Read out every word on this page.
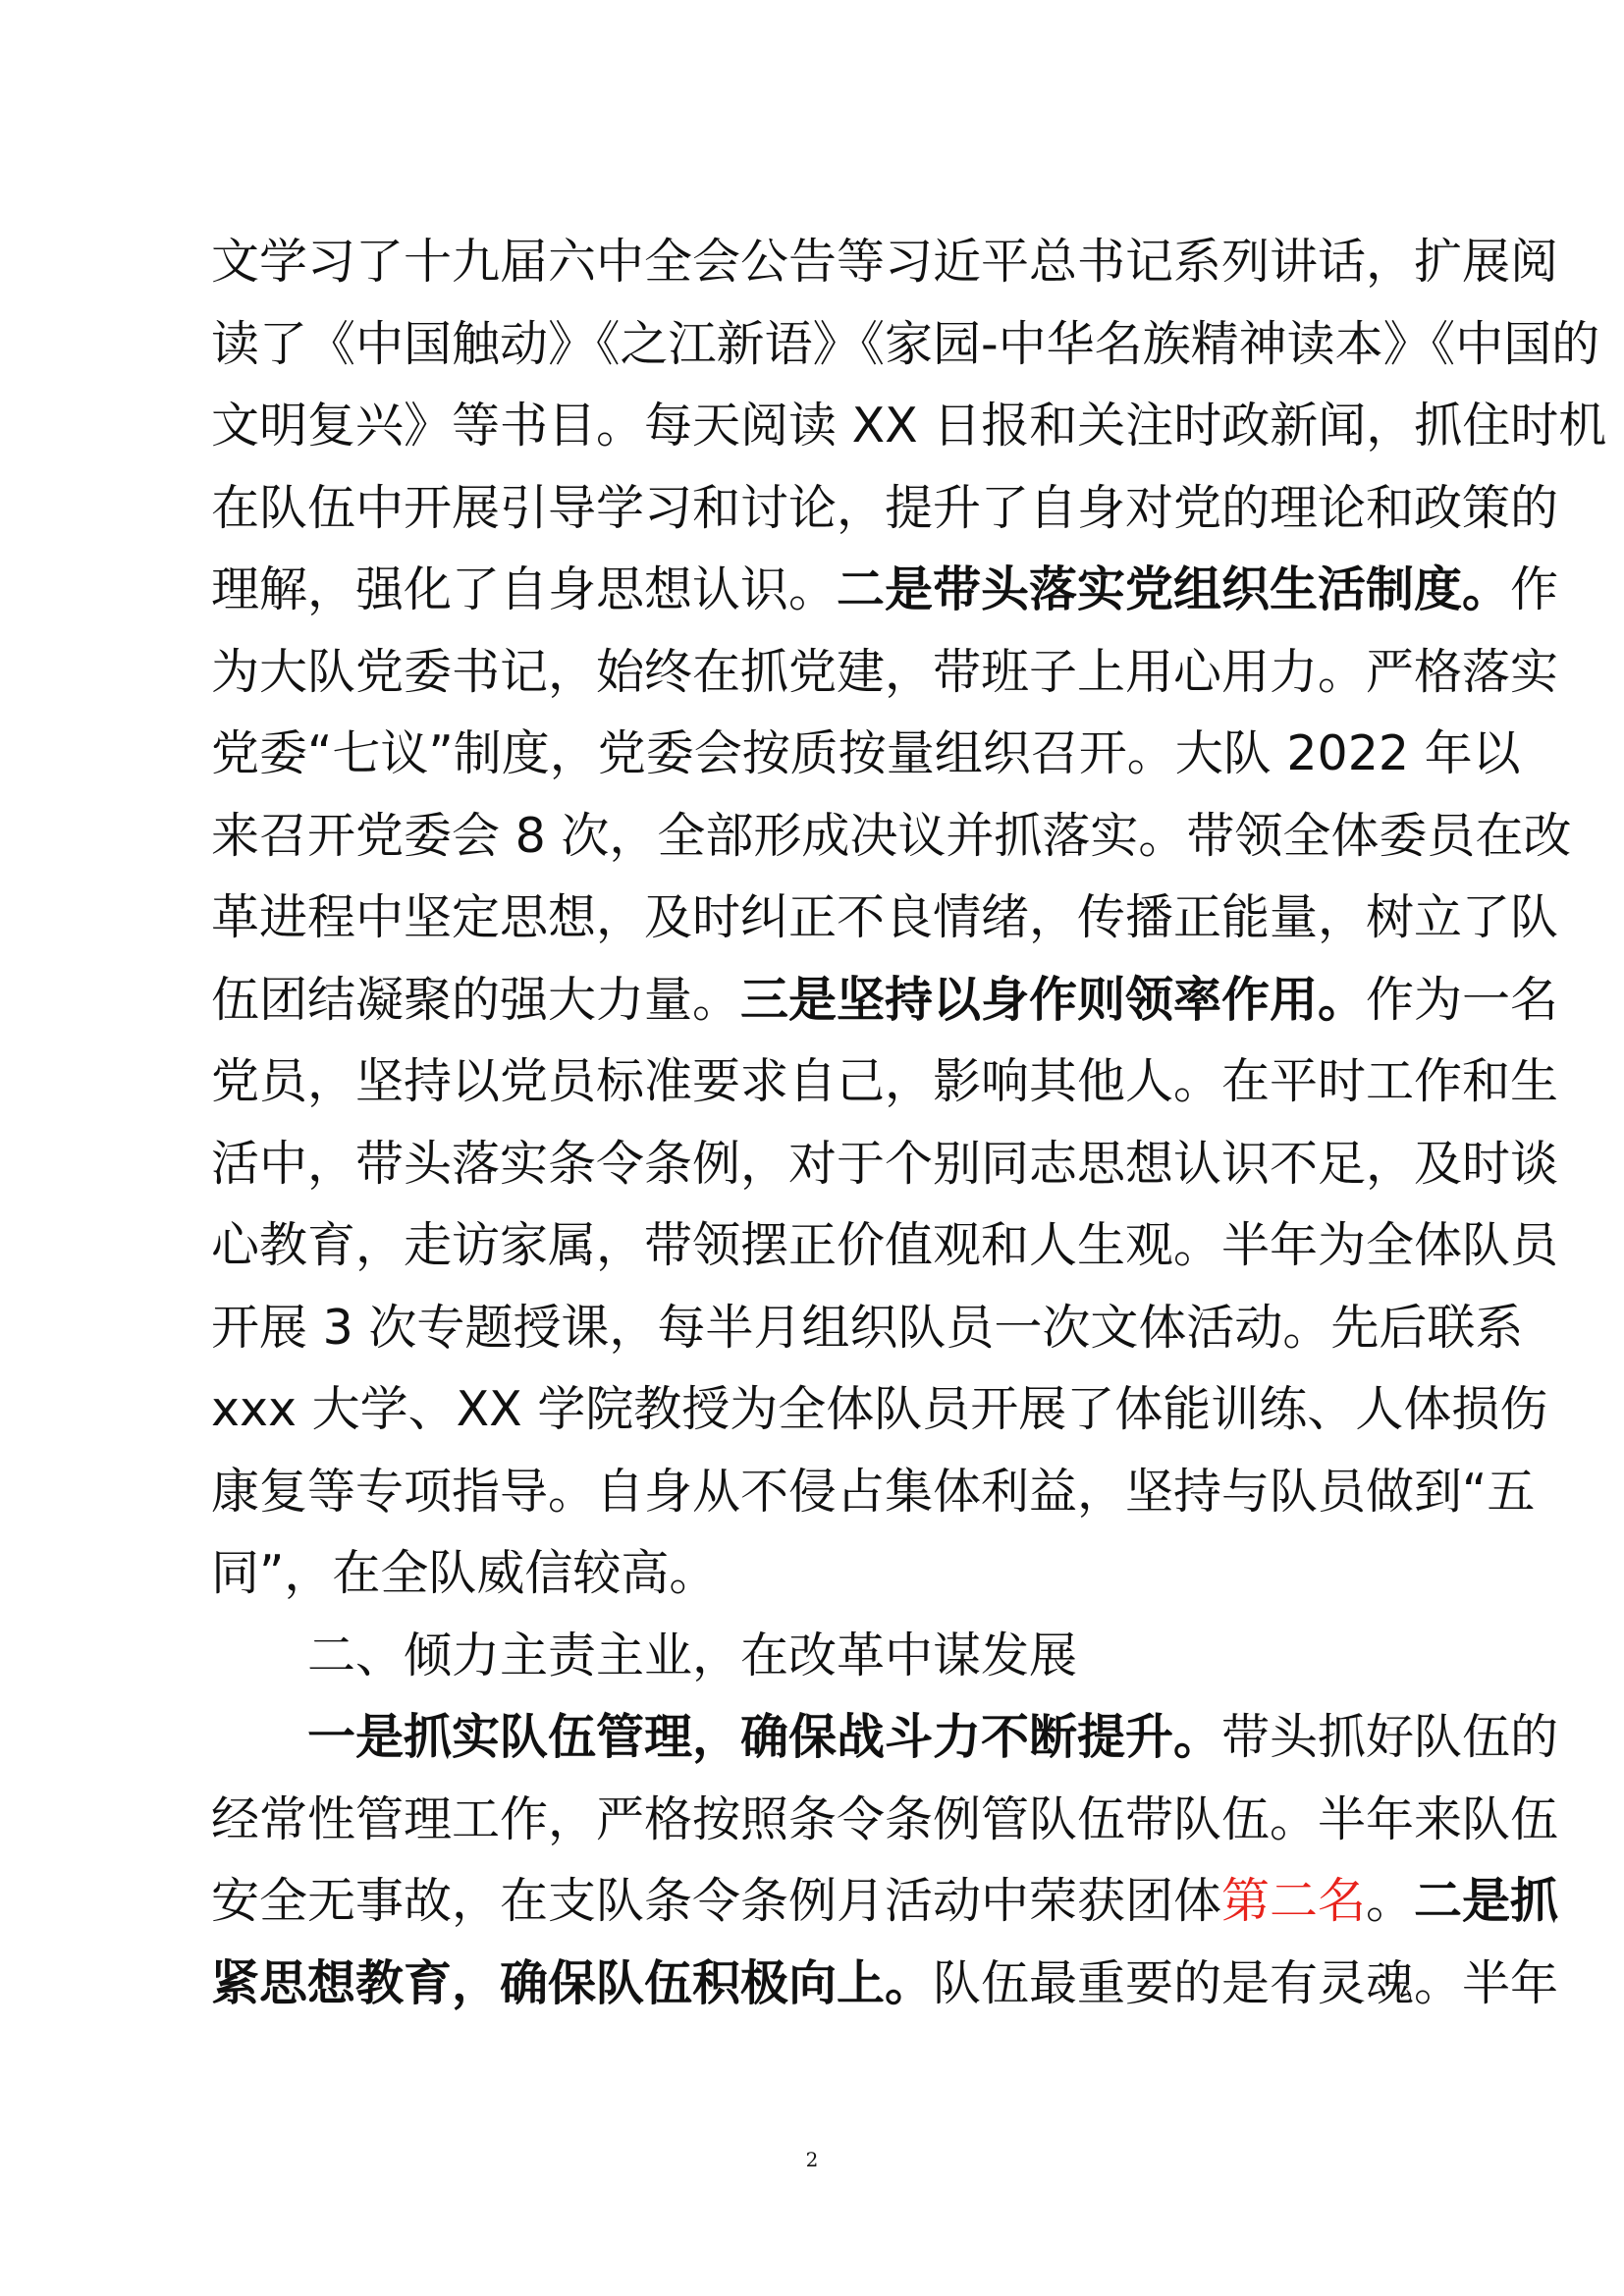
文学习了十九届六中全会公告等习近平总书记系列讲话，扩展阅
读了《中国触动》《之江新语》《家园-中华名族精神读本》《中国的
文明复兴》等书目。每天阅读 XX 日报和关注时政新闻，抓住时机
在队伍中开展引导学习和讨论，提升了自身对党的理论和政策的
理解，强化了自身思想认识。二是带头落实党组织生活制度。作
为大队党委书记，始终在抓党建，带班子上用心用力。严格落实
党委“七议”制度，党委会按质按量组织召开。大队 2022 年以
来召开党委会 8 次，全部形成决议并抓落实。带领全体委员在改
革进程中坚定思想，及时纠正不良情绪，传播正能量，树立了队
伍团结凝聚的强大力量。三是坚持以身作则领率作用。作为一名
党员，坚持以党员标准要求自己，影响其他人。在平时工作和生
活中，带头落实条令条例，对于个别同志思想认识不足，及时谈
心教育，走访家属，带领摆正价值观和人生观。半年为全体队员
开展 3 次专题授课，每半月组织队员一次文体活动。先后联系
xxx 大学、XX 学院教授为全体队员开展了体能训练、人体损伤
康复等专项指导。自身从不侵占集体利益，坚持与队员做到“五
同”，在全队威信较高。
二、倾力主责主业，在改革中谋发展
一是抓实队伍管理，确保战斗力不断提升。带头抓好队伍的
经常性管理工作，严格按照条令条例管队伍带队伍。半年来队伍
安全无事故，在支队条令条例月活动中荣获团体第二名。二是抓
紧思想教育，确保队伍积极向上。队伍最重要的是有灵魂。半年
2
